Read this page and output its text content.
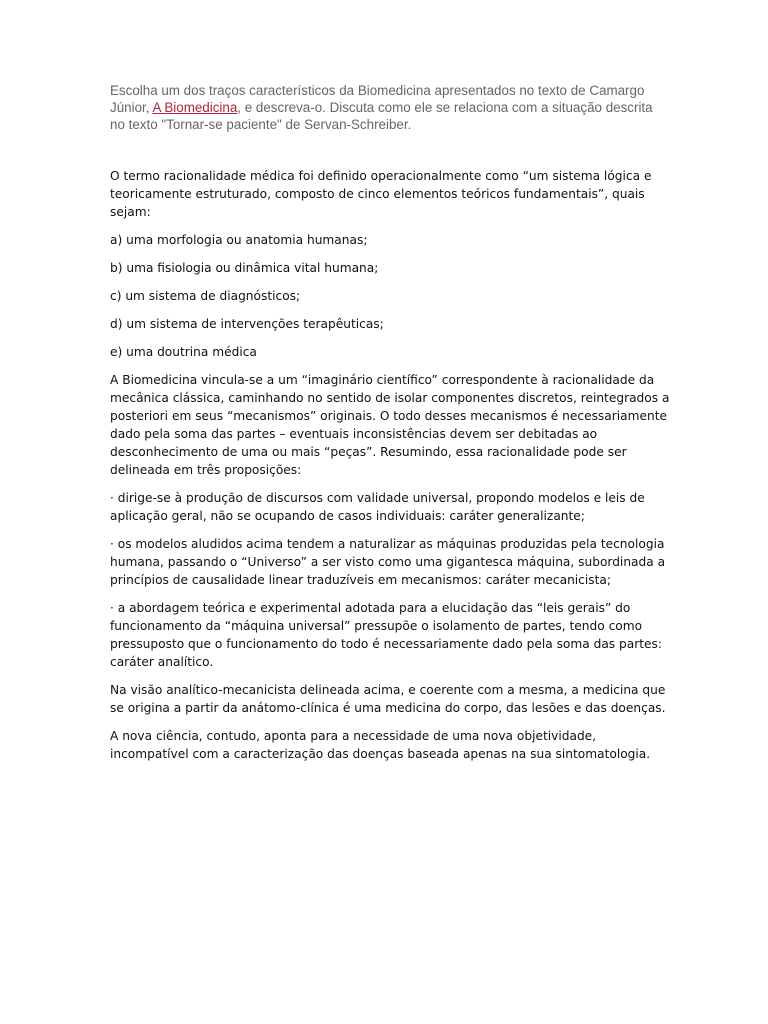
Escolha um dos traços característicos da Biomedicina apresentados no texto de Camargo Júnior, A Biomedicina, e descreva-o. Discuta como ele se relaciona com a situação descrita no texto "Tornar-se paciente" de Servan-Schreiber.

O termo racionalidade médica foi definido operacionalmente como “um sistema lógica e teoricamente estruturado, composto de cinco elementos teóricos fundamentais”, quais sejam:

a) uma morfologia ou anatomia humanas;

b) uma fisiologia ou dinâmica vital humana;

c) um sistema de diagnósticos;

d) um sistema de intervenções terapêuticas;

e) uma doutrina médica

A Biomedicina vincula-se a um “imaginário científico” correspondente à racionalidade da mecânica clássica, caminhando no sentido de isolar componentes discretos, reintegrados a posteriori em seus “mecanismos” originais. O todo desses mecanismos é necessariamente dado pela soma das partes – eventuais inconsistências devem ser debitadas ao desconhecimento de uma ou mais “peças”. Resumindo, essa racionalidade pode ser delineada em três proposições:

· dirige-se à produção de discursos com validade universal, propondo modelos e leis de aplicação geral, não se ocupando de casos individuais: caráter generalizante;

· os modelos aludidos acima tendem a naturalizar as máquinas produzidas pela tecnologia humana, passando o “Universo” a ser visto como uma gigantesca máquina, subordinada a princípios de causalidade linear traduzíveis em mecanismos: caráter mecanicista;

· a abordagem teórica e experimental adotada para a elucidação das “leis gerais” do funcionamento da “máquina universal” pressupõe o isolamento de partes, tendo como pressuposto que o funcionamento do todo é necessariamente dado pela soma das partes: caráter analítico.

Na visão analítico-mecanicista delineada acima, e coerente com a mesma, a medicina que se origina a partir da anátomo-clínica é uma medicina do corpo, das lesões e das doenças.

A nova ciência, contudo, aponta para a necessidade de uma nova objetividade, incompatível com a caracterização das doenças baseada apenas na sua sintomatologia.
